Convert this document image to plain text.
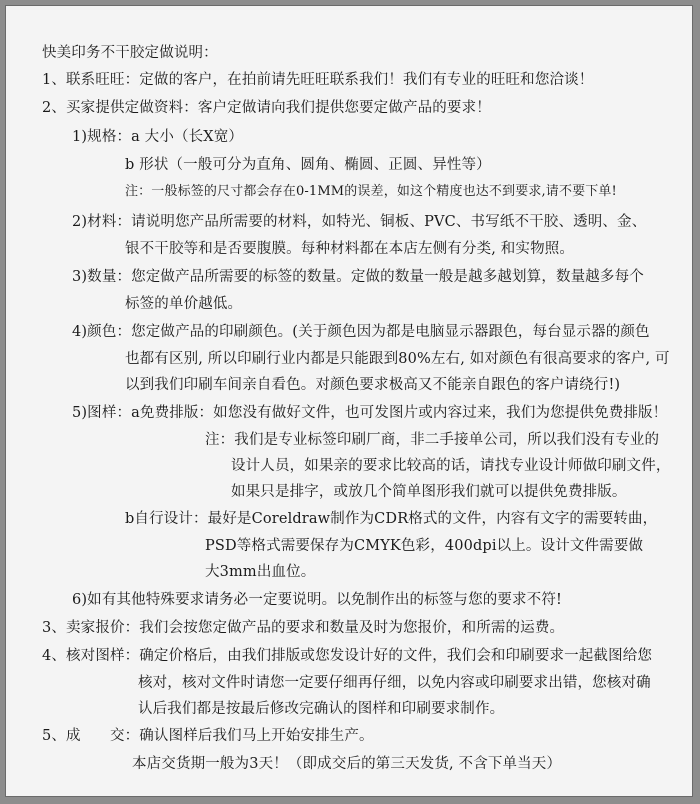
快美印务不干胶定做说明：
1、联系旺旺：定做的客户，在拍前请先旺旺联系我们！我们有专业的旺旺和您洽谈！
2、买家提供定做资料：客户定做请向我们提供您要定做产品的要求！
1)规格：a 大小（长X宽）
b 形状（一般可分为直角、圆角、椭圆、正圆、异性等）
注：一般标签的尺寸都会存在0-1MM的误差，如这个精度也达不到要求,请不要下单!
2)材料：请说明您产品所需要的材料，如特光、铜板、PVC、书写纸不干胶、透明、金、
银不干胶等和是否要腹膜。每种材料都在本店左侧有分类, 和实物照。
3)数量：您定做产品所需要的标签的数量。定做的数量一般是越多越划算，数量越多每个
标签的单价越低。
4)颜色：您定做产品的印刷颜色。(关于颜色因为都是电脑显示器跟色，每台显示器的颜色
也都有区别, 所以印刷行业内都是只能跟到80%左右, 如对颜色有很高要求的客户, 可
以到我们印刷车间亲自看色。对颜色要求极高又不能亲自跟色的客户请绕行!)
5)图样：a免费排版：如您没有做好文件，也可发图片或内容过来，我们为您提供免费排版！
注：我们是专业标签印刷厂商，非二手接单公司，所以我们没有专业的
设计人员，如果亲的要求比较高的话，请找专业设计师做印刷文件，
如果只是排字，或放几个简单图形我们就可以提供免费排版。
b自行设计：最好是Coreldraw制作为CDR格式的文件，内容有文字的需要转曲，
PSD等格式需要保存为CMYK色彩，400dpi以上。设计文件需要做
大3mm出血位。
6)如有其他特殊要求请务必一定要说明。以免制作出的标签与您的要求不符!
3、卖家报价：我们会按您定做产品的要求和数量及时为您报价，和所需的运费。
4、核对图样：确定价格后，由我们排版或您发设计好的文件，我们会和印刷要求一起截图给您
核对，核对文件时请您一定要仔细再仔细，以免内容或印刷要求出错，您核对确
认后我们都是按最后修改完确认的图样和印刷要求制作。
5、成　　交：确认图样后我们马上开始安排生产。
本店交货期一般为3天！（即成交后的第三天发货, 不含下单当天）
